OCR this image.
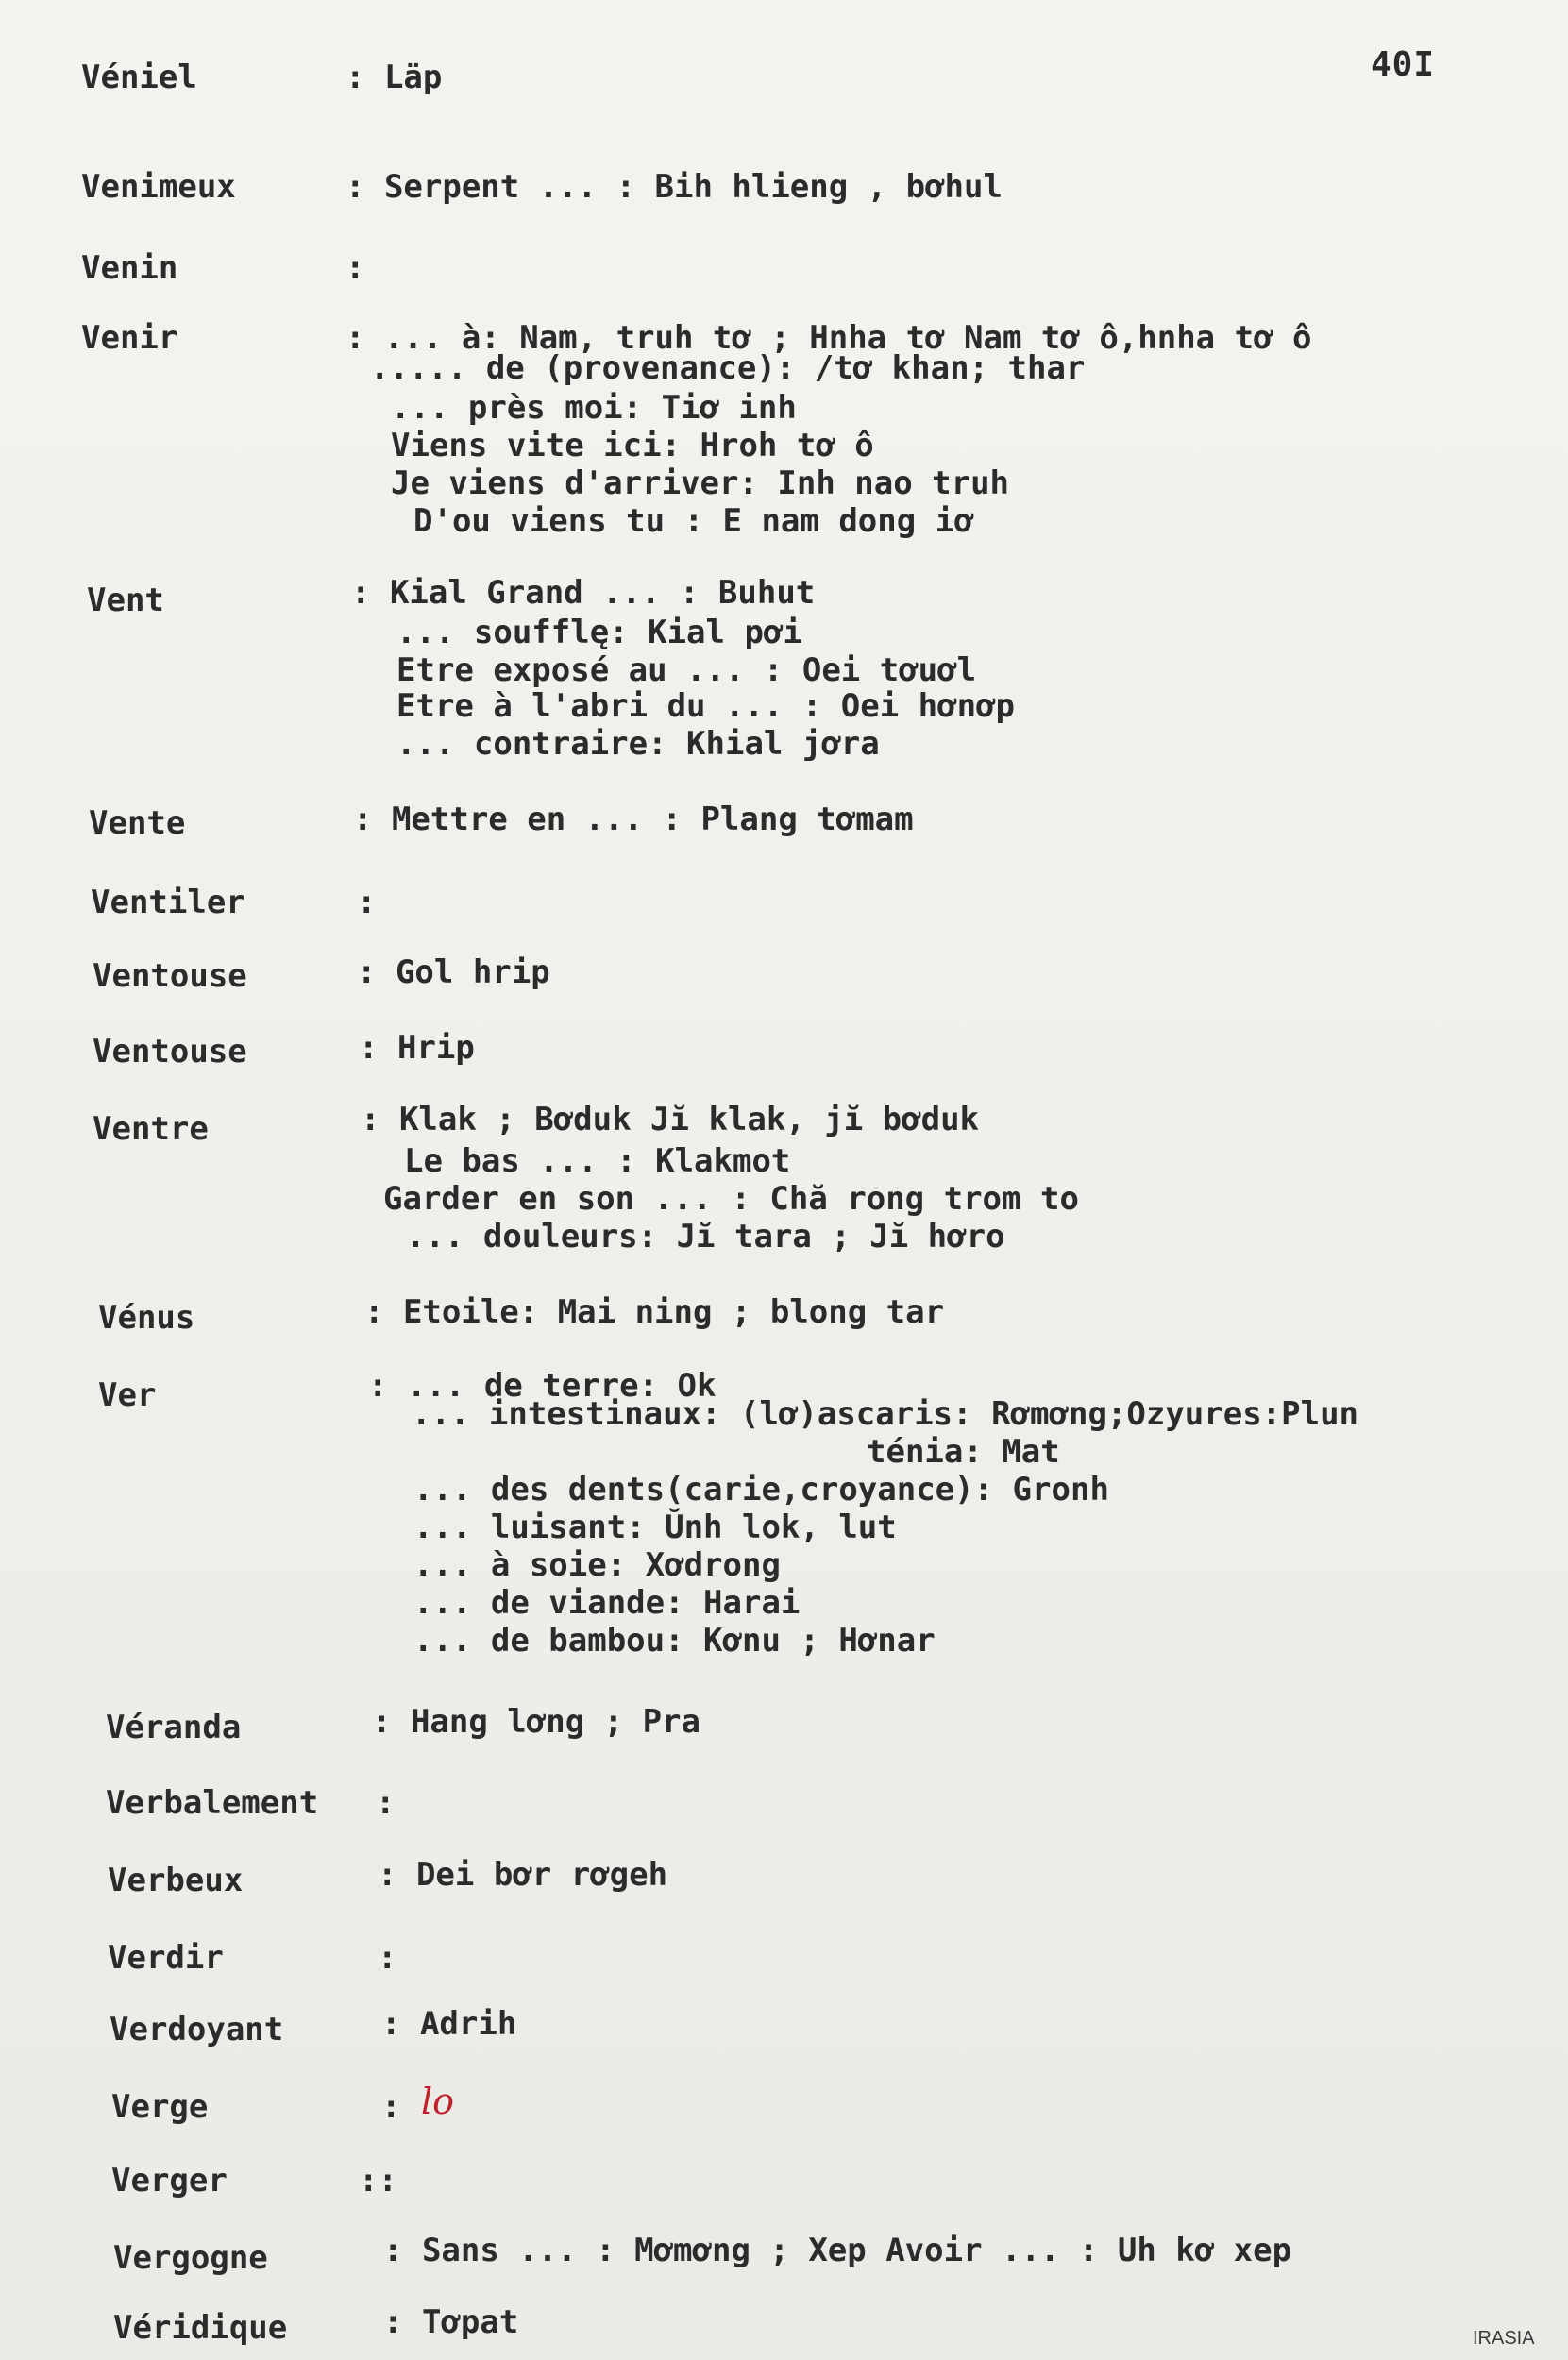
40I
Véniel	: Läp
Venimeux	: Serpent ... : Bih hlieng , bơhul
Venin	:
Venir	: ... à: Nam, truh tơ ; Hnha tơ Nam tơ ô,hnha tơ ô
..... de (provenance): /tơ khan; thar
... près moi: Tiơ inh
Viens vite ici: Hroh tơ ô
Je viens d'arriver: Inh nao truh
D'ou viens tu : E nam dong iơ
Vent	: Kial Grand ... : Buhut
... soufflę: Kial pơi
Etre exposé au ... : Oei tơuơl
Etre à l'abri du ... : Oei hơnơp
... contraire: Khial jơra
Vente	: Mettre en ... : Plang tơmam
Ventiler	:
Ventouse	: Gol hrip
Ventouse	: Hrip
Ventre	: Klak ; Bơduk Jĭ klak, jĭ bơduk
Le bas ... : Klakmot
Garder en son ... : Chă rong trom to
... douleurs: Jĭ tara ; Jĭ hơro
Vénus	: Etoile: Mai ning ; blong tar
Ver	: ... de terre: Ok
... intestinaux: (lơ)ascaris: Rơmơng;Ozyures:Plun
ténia: Mat
... des dents(carie,croyance): Gronh
... luisant: Ŭnh lok, lut
... à soie: Xơdrong
... de viande: Harai
... de bambou: Kơnu ; Hơnar
Véranda	: Hang lơng ; Pra
Verbalement :
Verbeux	: Dei bơr rơgeh
Verdir	:
Verdoyant	: Adrih
Verge	: lo
Verger	::
Vergogne	: Sans ... : Mơmơng ; Xep Avoir ... : Uh kơ xep
Véridique	: Tơpat	IRASIA
